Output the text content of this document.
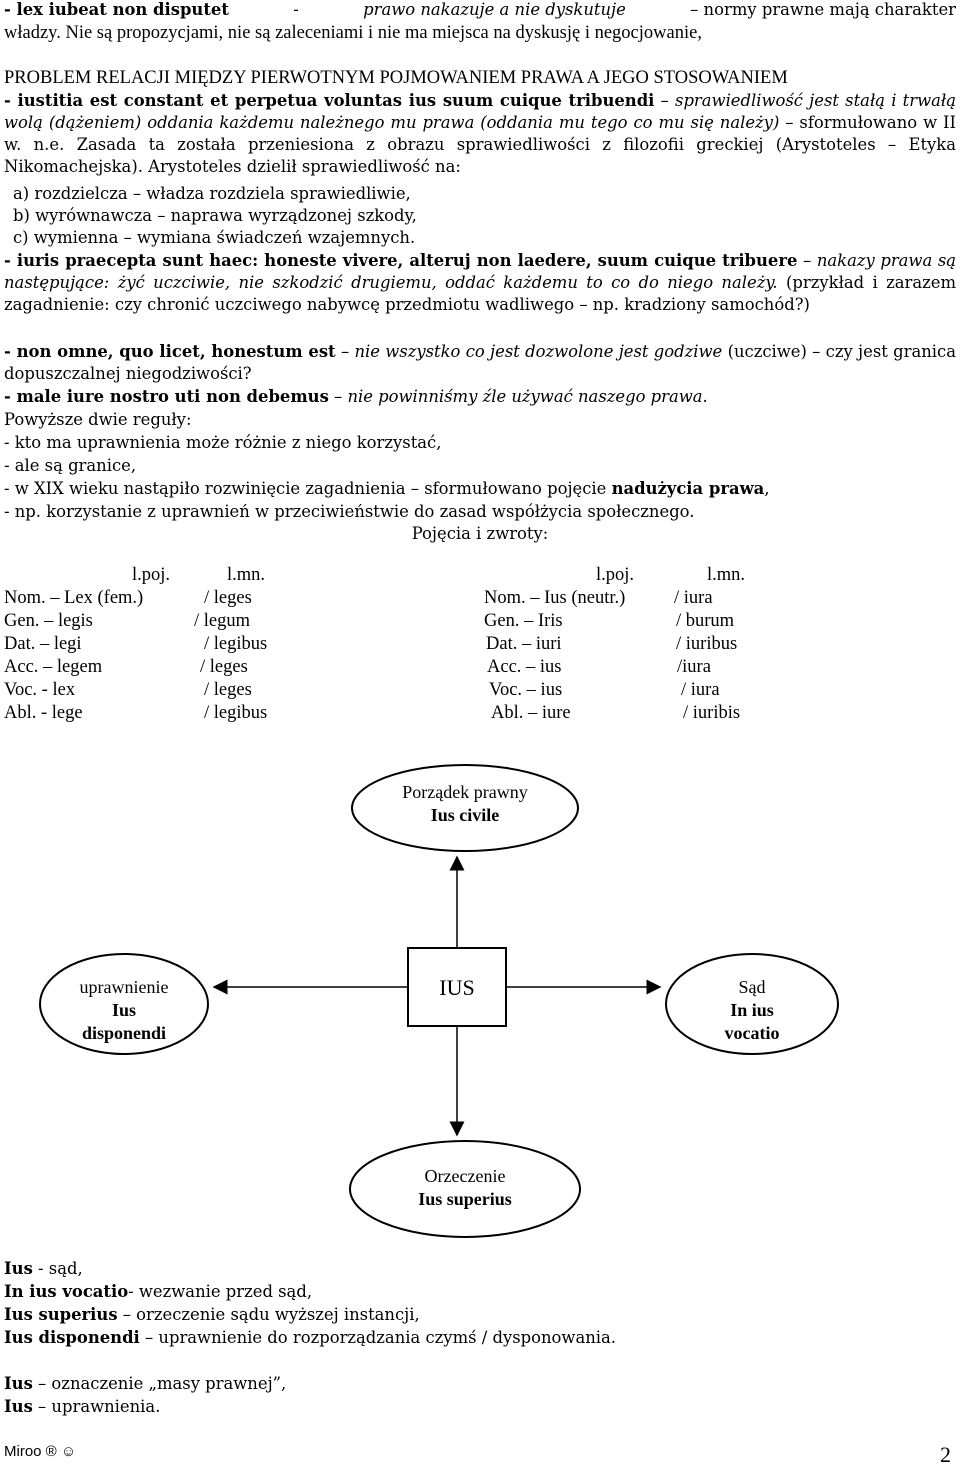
- lex iubeat non disputet	-	prawo nakazuje a nie dyskutuje	– normy prawne mają charakter
władzy. Nie są propozycjami, nie są zaleceniami i nie ma miejsca na dyskusję i negocjowanie,
PROBLEM RELACJI MIĘDZY PIERWOTNYM POJMOWANIEM PRAWA A JEGO STOSOWANIEM
- iustitia est constant et perpetua voluntas ius suum cuique tribuendi – sprawiedliwość jest stałą i trwałą wolą (dążeniem) oddania każdemu należnego mu prawa (oddania mu tego co mu się należy) – sformułowano w II w. n.e. Zasada ta została przeniesiona z obrazu sprawiedliwości z filozofii greckiej (Arystoteles – Etyka Nikomachejska). Arystoteles dzielił sprawiedliwość na:
a) rozdzielcza – władza rozdziela sprawiedliwie,
b) wyrównawcza – naprawa wyrządzonej szkody,
c) wymienna – wymiana świadczeń wzajemnych.
- iuris praecepta sunt haec: honeste vivere, alteruj non laedere, suum cuique tribuere – nakazy prawa są następujące: żyć uczciwie, nie szkodzić drugiemu, oddać każdemu to co do niego należy. (przykład i zarazem zagadnienie: czy chronić uczciwego nabywcę przedmiotu wadliwego – np. kradziony samochód?)
- non omne, quo licet, honestum est – nie wszystko co jest dozwolone jest godziwe (uczciwe) – czy jest granica dopuszczalnej niegodziwości?
- male iure nostro uti non debemus – nie powinniśmy źle używać naszego prawa.
Powyższe dwie reguły:
- kto ma uprawnienia może różnie z niego korzystać,
- ale są granice,
- w XIX wieku nastąpiło rozwinięcie zagadnienia – sformułowano pojęcie nadużycia prawa,
- np. korzystanie z uprawnień w przeciwieństwie do zasad współżycia społecznego.
Pojęcia i zwroty:
l.poj.	l.mn.	l.poj.	l.mn.
Nom. – Lex (fem.)	/ leges
Gen. – legis	/ legum
Dat. – legi	/ legibus
Acc. – legem	/ leges
Voc. - lex	/ leges
Abl. - lege	/ legibus
Nom. – Ius (neutr.)	/ iura
Gen. – Iris	/ burum
Dat. – iuri	/ iuribus
Acc. – ius	/iura
Voc. – ius	/ iura
Abl. – iure	/ iuribis
Porządek prawny
Ius civile
IUS
uprawnienie
Ius
disponendi
Sąd
In ius
vocatio
Orzeczenie
Ius superius
Ius - sąd,
In ius vocatio- wezwanie przed sąd,
Ius superius – orzeczenie sądu wyższej instancji,
Ius disponendi – uprawnienie do rozporządzania czymś / dysponowania.
Ius – oznaczenie „masy prawnej”,
Ius – uprawnienia.
Miroo ® ☺	2
